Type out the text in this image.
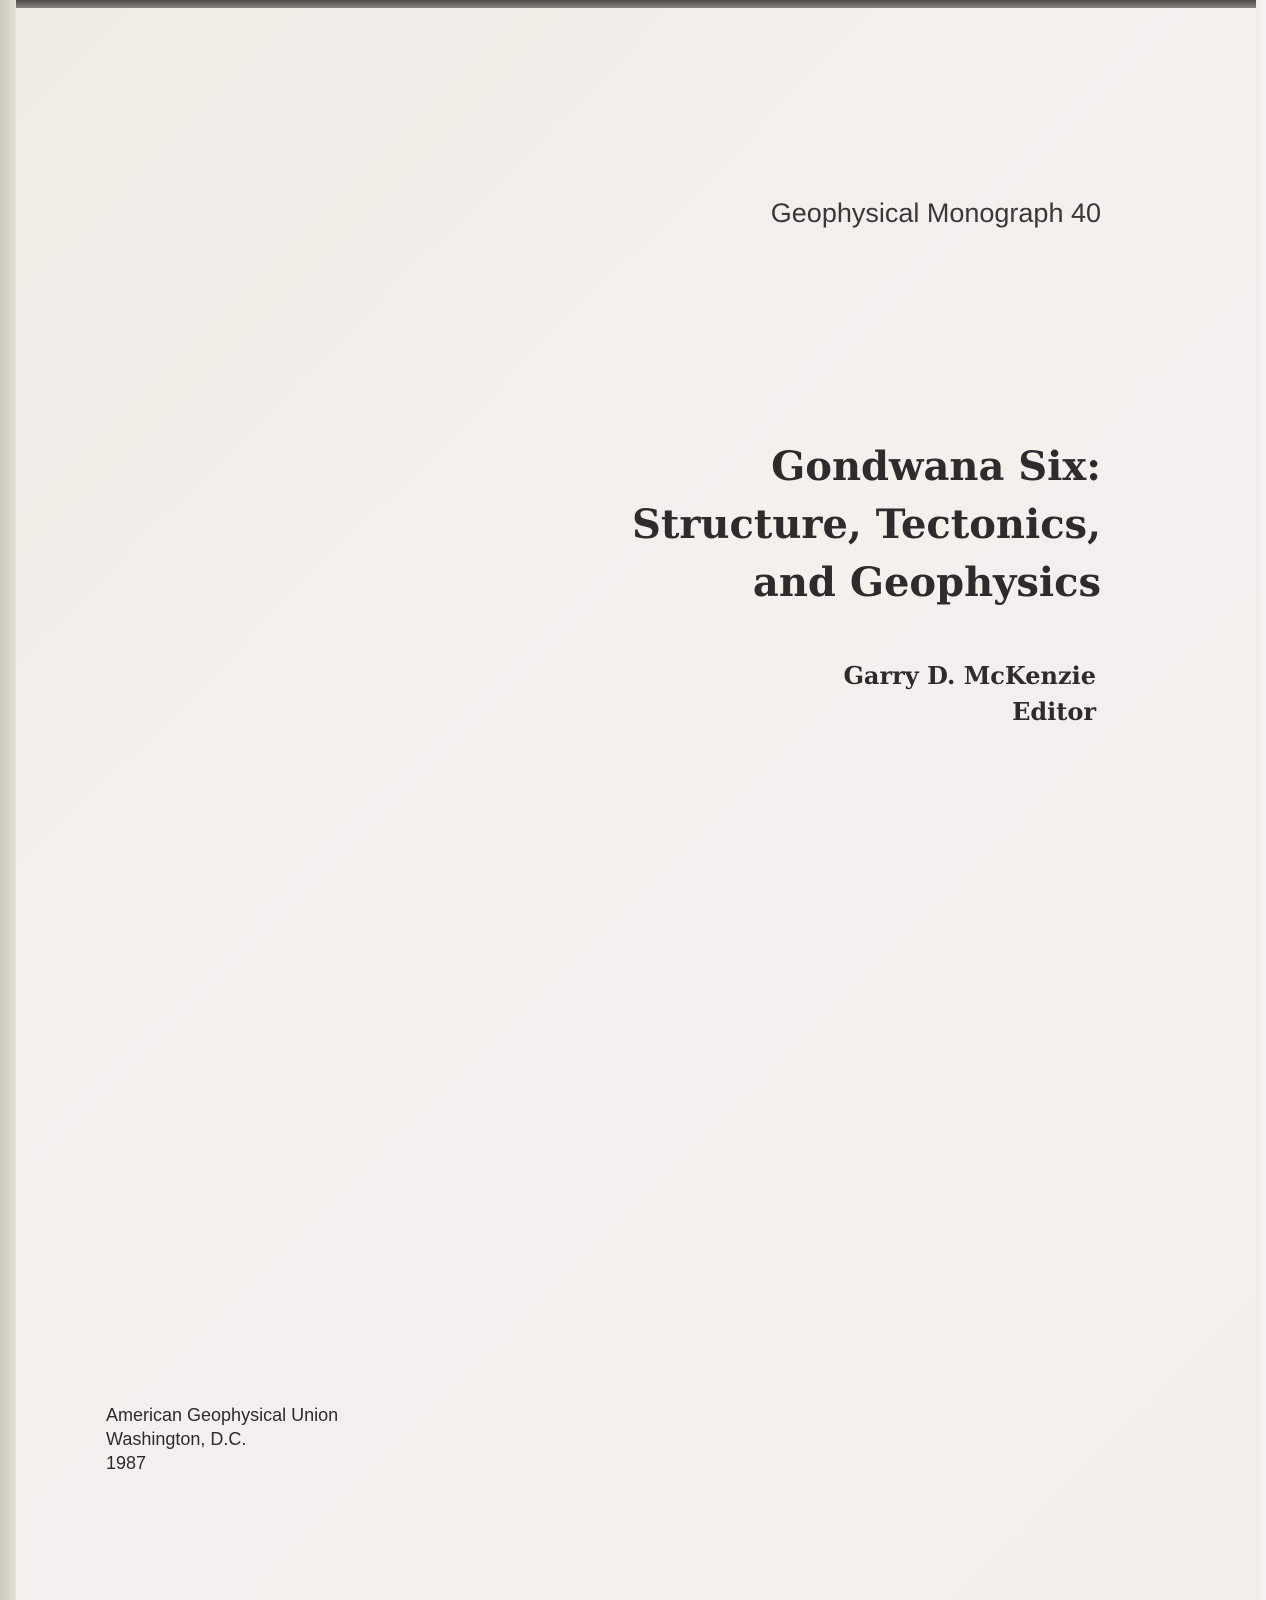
Geophysical Monograph 40

Gondwana Six:
Structure, Tectonics,
and Geophysics
Garry D. McKenzie
Editor
American Geophysical Union
Washington, D.C.
1987
